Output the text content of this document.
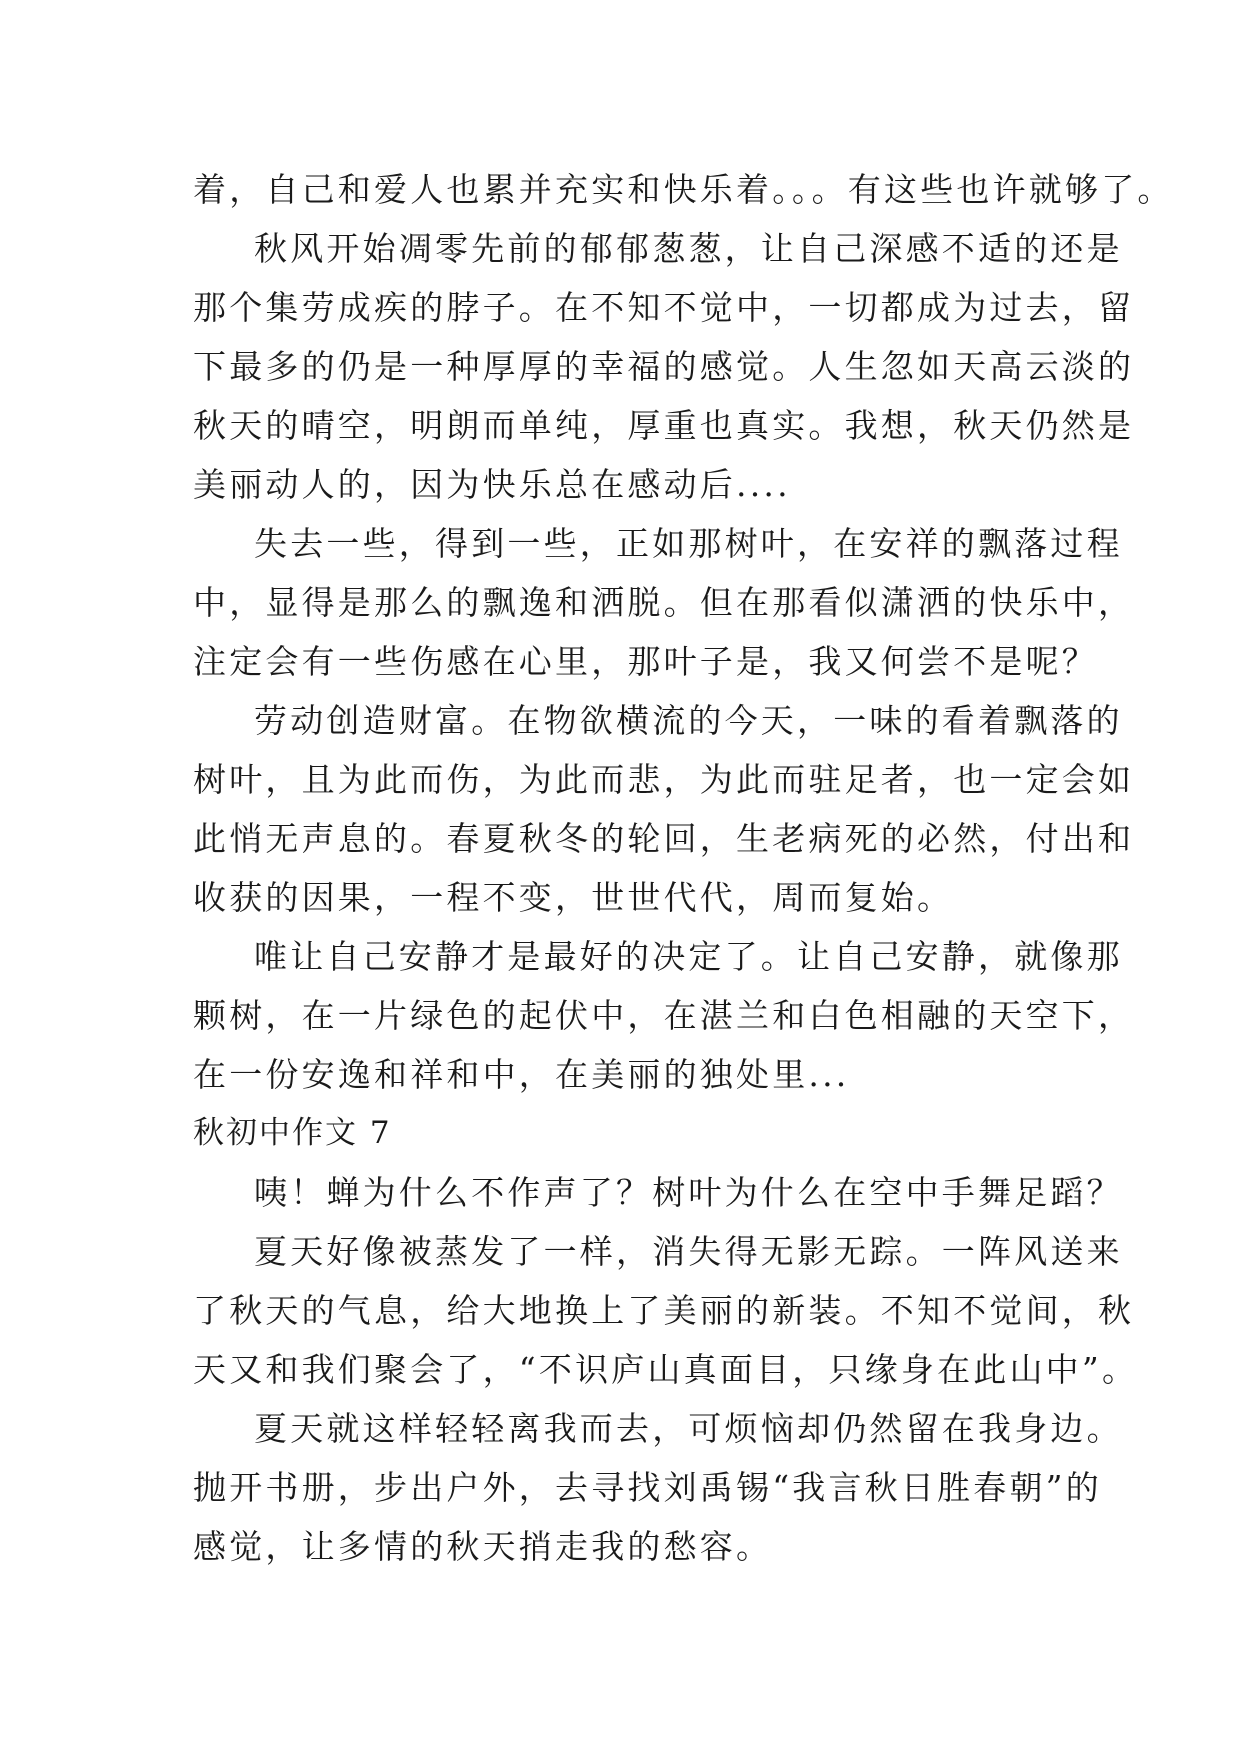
着，自己和爱人也累并充实和快乐着。。。有这些也许就够了。
秋风开始凋零先前的郁郁葱葱，让自己深感不适的还是
那个集劳成疾的脖子。在不知不觉中，一切都成为过去，留
下最多的仍是一种厚厚的幸福的感觉。人生忽如天高云淡的
秋天的晴空，明朗而单纯，厚重也真实。我想，秋天仍然是
美丽动人的，因为快乐总在感动后....
失去一些，得到一些，正如那树叶，在安祥的飘落过程
中，显得是那么的飘逸和洒脱。但在那看似潇洒的快乐中，
注定会有一些伤感在心里，那叶子是，我又何尝不是呢？
劳动创造财富。在物欲横流的今天，一味的看着飘落的
树叶，且为此而伤，为此而悲，为此而驻足者，也一定会如
此悄无声息的。春夏秋冬的轮回，生老病死的必然，付出和
收获的因果，一程不变，世世代代，周而复始。
唯让自己安静才是最好的决定了。让自己安静，就像那
颗树，在一片绿色的起伏中，在湛兰和白色相融的天空下，
在一份安逸和祥和中，在美丽的独处里...
秋初中作文 7
咦！蝉为什么不作声了？树叶为什么在空中手舞足蹈？
夏天好像被蒸发了一样，消失得无影无踪。一阵风送来
了秋天的气息，给大地换上了美丽的新装。不知不觉间，秋
天又和我们聚会了，“不识庐山真面目，只缘身在此山中”。
夏天就这样轻轻离我而去，可烦恼却仍然留在我身边。
抛开书册，步出户外，去寻找刘禹锡“我言秋日胜春朝”的
感觉，让多情的秋天捎走我的愁容。
